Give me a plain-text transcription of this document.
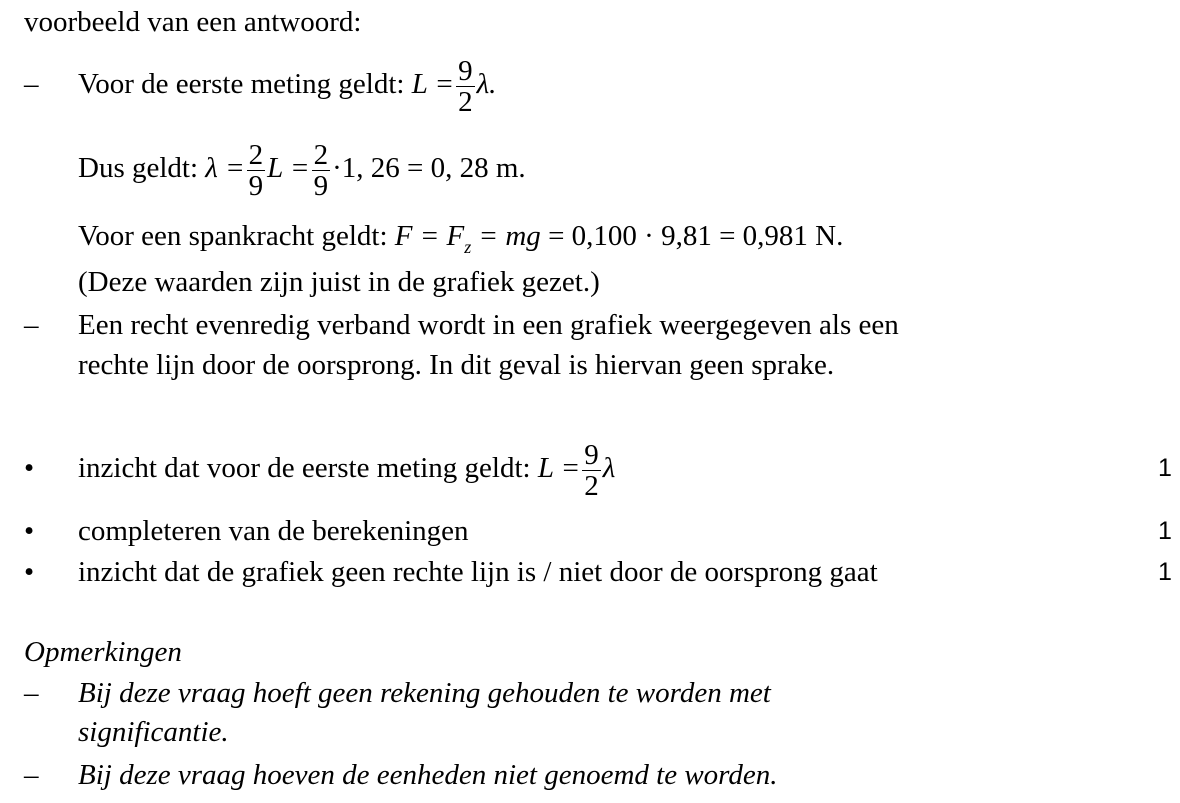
voorbeeld van een antwoord:
– Voor de eerste meting geldt: $L = \frac{9}{2} \lambda$.
Dus geldt: $\lambda = \frac{2}{9}$ $L = \frac{2}{9} \cdot 1$, 26 = 0, 28 m.
Voor een spankracht geldt: $F = F_z$ = mg = 0,100 · 9,81 = 0,981 N.
(Deze waarden zijn juist in de grafiek gezet.)
– Een recht evenredig verband wordt in een grafiek weergegeven als een
rechte lijn door de oorsprong. In dit geval is hiervan geen sprake.
• inzicht dat voor de eerste meting geldt: $L = \frac{9}{2}$ λ	1
• completeren van de berekeningen	1
• inzicht dat de grafiek geen rechte lijn is / niet door de oorsprong gaat	1
Opmerkingen
– Bij deze vraag hoeft geen rekening gehouden te worden met
significantie.
– Bij deze vraag hoeven de eenheden niet genoemd te worden.
